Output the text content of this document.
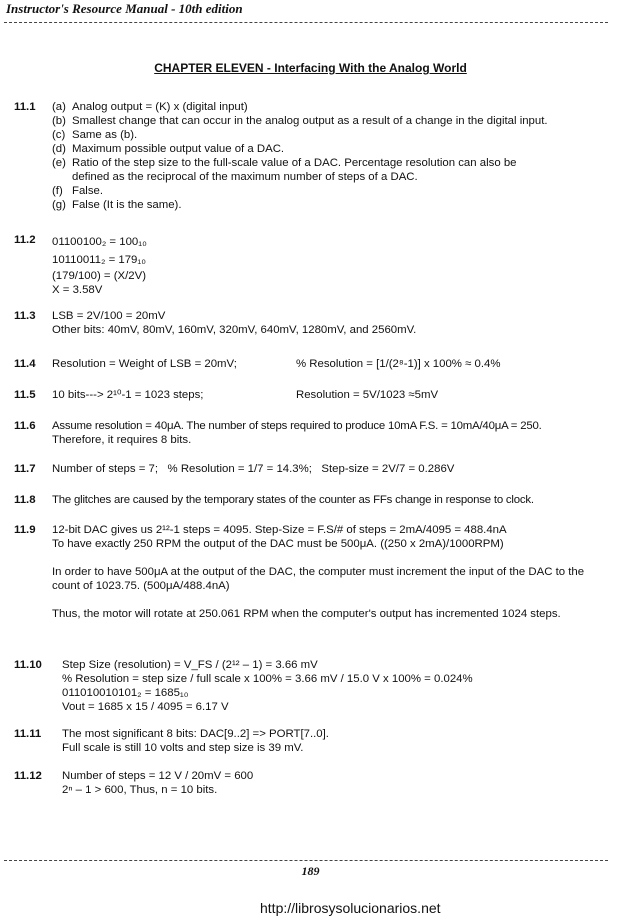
Instructor's Resource Manual - 10th edition
CHAPTER ELEVEN - Interfacing With the Analog World
11.1 (a) Analog output = (K) x (digital input)
(b) Smallest change that can occur in the analog output as a result of a change in the digital input.
(c) Same as (b).
(d) Maximum possible output value of a DAC.
(e) Ratio of the step size to the full-scale value of a DAC. Percentage resolution can also be
defined as the reciprocal of the maximum number of steps of a DAC.
(f) False.
(g) False (It is the same).
11.2 01100100₂ = 100₁₀
10110011₂ = 179₁₀
(179/100) = (X/2V)
X = 3.58V
11.3 LSB = 2V/100 = 20mV
Other bits: 40mV, 80mV, 160mV, 320mV, 640mV, 1280mV, and 2560mV.
11.4 Resolution = Weight of LSB = 20mV;	% Resolution = [1/(2⁸-1)] x 100% ≈ 0.4%
11.5 10 bits---> 2¹⁰-1 = 1023 steps;	Resolution = 5V/1023 ≈5mV
11.6 Assume resolution = 40μA. The number of steps required to produce 10mA F.S. = 10mA/40μA = 250.
Therefore, it requires 8 bits.
11.7 Number of steps = 7;   % Resolution = 1/7 = 14.3%;   Step-size = 2V/7 = 0.286V
11.8 The glitches are caused by the temporary states of the counter as FFs change in response to clock.
11.9 12-bit DAC gives us 2¹²-1 steps = 4095. Step-Size = F.S/# of steps = 2mA/4095 = 488.4nA
To have exactly 250 RPM the output of the DAC must be 500μA. ((250 x 2mA)/1000RPM)
In order to have 500μA at the output of the DAC, the computer must increment the input of the DAC to the count of 1023.75. (500μA/488.4nA)
Thus, the motor will rotate at 250.061 RPM when the computer's output has incremented 1024 steps.
11.10 Step Size (resolution) = V_FS / (2¹² – 1) = 3.66 mV
% Resolution = step size / full scale x 100% = 3.66 mV / 15.0 V x 100% = 0.024%
011010010101₂ = 1685₁₀
Vout = 1685 x 15 / 4095 = 6.17 V
11.11 The most significant 8 bits: DAC[9..2] => PORT[7..0].
Full scale is still 10 volts and step size is 39 mV.
11.12 Number of steps = 12 V / 20mV = 600
2ⁿ – 1 > 600, Thus, n = 10 bits.
189
http://librosysolucionarios.net
